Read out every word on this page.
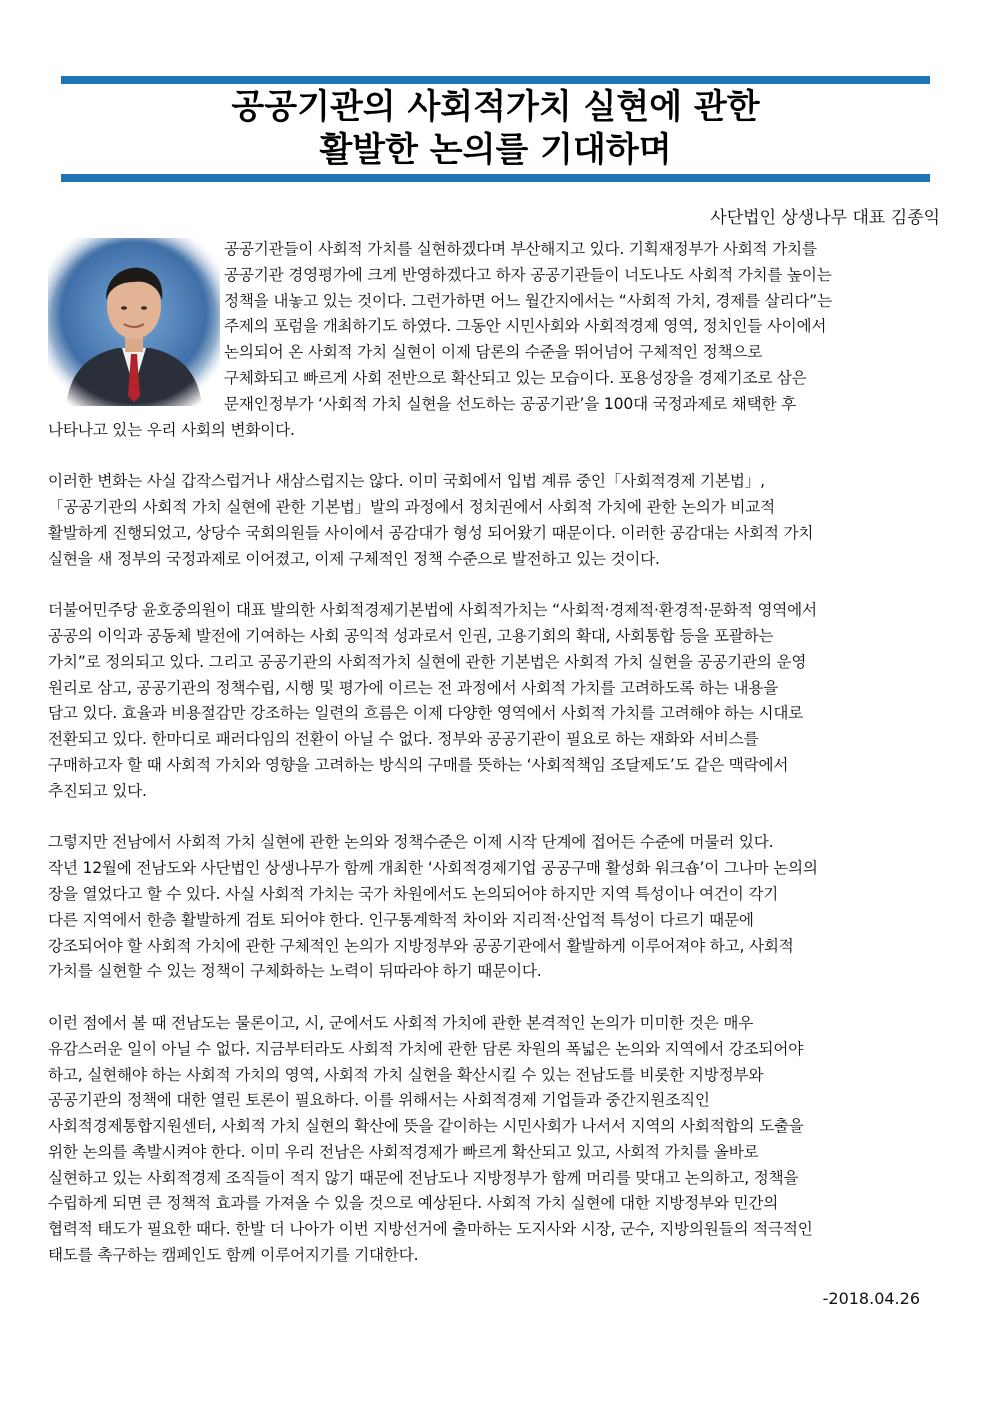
공공기관의 사회적가치 실현에 관한
활발한 논의를 기대하며
사단법인 상생나무 대표 김종익
공공기관들이 사회적 가치를 실현하겠다며 부산해지고 있다. 기획재정부가 사회적 가치를
공공기관 경영평가에 크게 반영하겠다고 하자 공공기관들이 너도나도 사회적 가치를 높이는
정책을 내놓고 있는 것이다. 그런가하면 어느 월간지에서는 “사회적 가치, 경제를 살리다”는
주제의 포럼을 개최하기도 하였다. 그동안 시민사회와 사회적경제 영역, 정치인들 사이에서
논의되어 온 사회적 가치 실현이 이제 담론의 수준을 뛰어넘어 구체적인 정책으로
구체화되고 빠르게 사회 전반으로 확산되고 있는 모습이다. 포용성장을 경제기조로 삼은
문재인정부가 ‘사회적 가치 실현을 선도하는 공공기관’을 100대 국정과제로 채택한 후
나타나고 있는 우리 사회의 변화이다.
이러한 변화는 사실 갑작스럽거나 새삼스럽지는 않다. 이미 국회에서 입법 계류 중인「사회적경제 기본법」,
「공공기관의 사회적 가치 실현에 관한 기본법」발의 과정에서 정치권에서 사회적 가치에 관한 논의가 비교적
활발하게 진행되었고, 상당수 국회의원들 사이에서 공감대가 형성 되어왔기 때문이다. 이러한 공감대는 사회적 가치
실현을 새 정부의 국정과제로 이어졌고, 이제 구체적인 정책 수준으로 발전하고 있는 것이다.
더불어민주당 윤호중의원이 대표 발의한 사회적경제기본법에 사회적가치는 “사회적·경제적·환경적·문화적 영역에서
공공의 이익과 공동체 발전에 기여하는 사회 공익적 성과로서 인권, 고용기회의 확대, 사회통합 등을 포괄하는
가치”로 정의되고 있다. 그리고 공공기관의 사회적가치 실현에 관한 기본법은 사회적 가치 실현을 공공기관의 운영
원리로 삼고, 공공기관의 정책수립, 시행 및 평가에 이르는 전 과정에서 사회적 가치를 고려하도록 하는 내용을
담고 있다. 효율과 비용절감만 강조하는 일련의 흐름은 이제 다양한 영역에서 사회적 가치를 고려해야 하는 시대로
전환되고 있다. 한마디로 패러다임의 전환이 아닐 수 없다. 정부와 공공기관이 필요로 하는 재화와 서비스를
구매하고자 할 때 사회적 가치와 영향을 고려하는 방식의 구매를 뜻하는 ‘사회적책임 조달제도’도 같은 맥락에서
추진되고 있다.
그렇지만 전남에서 사회적 가치 실현에 관한 논의와 정책수준은 이제 시작 단계에 접어든 수준에 머물러 있다.
작년 12월에 전남도와 사단법인 상생나무가 함께 개최한 ‘사회적경제기업 공공구매 활성화 워크숍’이 그나마 논의의
장을 열었다고 할 수 있다. 사실 사회적 가치는 국가 차원에서도 논의되어야 하지만 지역 특성이나 여건이 각기
다른 지역에서 한층 활발하게 검토 되어야 한다. 인구통계학적 차이와 지리적·산업적 특성이 다르기 때문에
강조되어야 할 사회적 가치에 관한 구체적인 논의가 지방정부와 공공기관에서 활발하게 이루어져야 하고, 사회적
가치를 실현할 수 있는 정책이 구체화하는 노력이 뒤따라야 하기 때문이다.
이런 점에서 볼 때 전남도는 물론이고, 시, 군에서도 사회적 가치에 관한 본격적인 논의가 미미한 것은 매우
유감스러운 일이 아닐 수 없다. 지금부터라도 사회적 가치에 관한 담론 차원의 폭넓은 논의와 지역에서 강조되어야
하고, 실현해야 하는 사회적 가치의 영역, 사회적 가치 실현을 확산시킬 수 있는 전남도를 비롯한 지방정부와
공공기관의 정책에 대한 열린 토론이 필요하다. 이를 위해서는 사회적경제 기업들과 중간지원조직인
사회적경제통합지원센터, 사회적 가치 실현의 확산에 뜻을 같이하는 시민사회가 나서서 지역의 사회적합의 도출을
위한 논의를 촉발시켜야 한다. 이미 우리 전남은 사회적경제가 빠르게 확산되고 있고, 사회적 가치를 올바로
실현하고 있는 사회적경제 조직들이 적지 않기 때문에 전남도나 지방정부가 함께 머리를 맞대고 논의하고, 정책을
수립하게 되면 큰 정책적 효과를 가져올 수 있을 것으로 예상된다. 사회적 가치 실현에 대한 지방정부와 민간의
협력적 태도가 필요한 때다. 한발 더 나아가 이번 지방선거에 출마하는 도지사와 시장, 군수, 지방의원들의 적극적인
태도를 촉구하는 캠페인도 함께 이루어지기를 기대한다.
-2018.04.26
